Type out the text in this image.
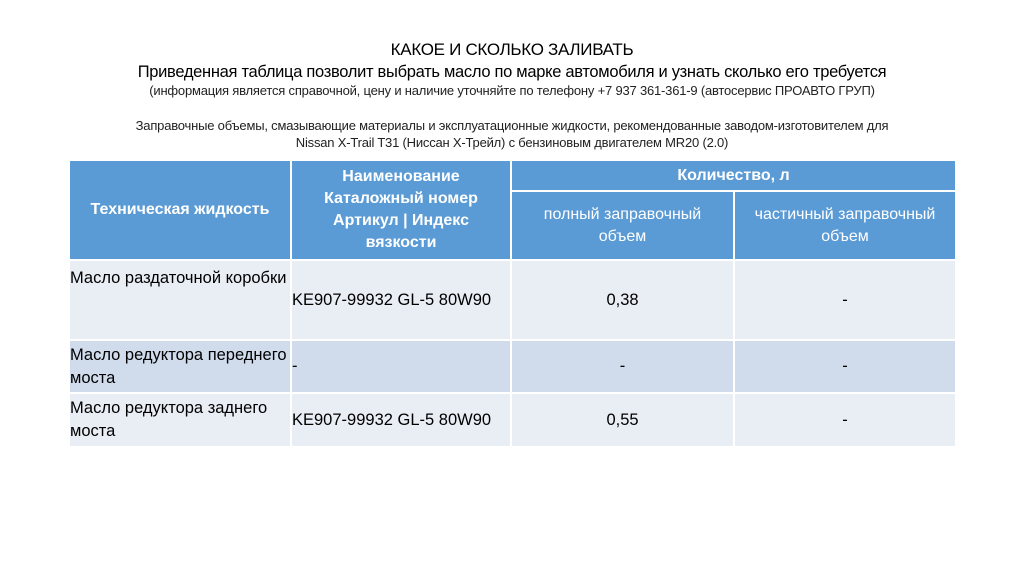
КАКОЕ И СКОЛЬКО ЗАЛИВАТЬ
Приведенная таблица позволит выбрать масло по марке автомобиля и узнать сколько его требуется
(информация является справочной, цену и наличие уточняйте по телефону +7 937 361-361-9 (автосервис ПРОАВТО ГРУП)
Заправочные объемы, смазывающие материалы и эксплуатационные жидкости, рекомендованные заводом-изготовителем для
Nissan X-Trail T31 (Ниссан X-Трейл) с бензиновым двигателем MR20 (2.0)
Техническая жидкость	Наименование Каталожный номер Артикул | Индекс вязкости	Количество, л	
		полный заправочный объем	частичный заправочный объем
Масло раздаточной коробки	KE907-99932 GL-5 80W90	0,38	-
Масло редуктора переднего моста	-	-	-
Масло редуктора заднего моста	KE907-99932 GL-5 80W90	0,55	-
